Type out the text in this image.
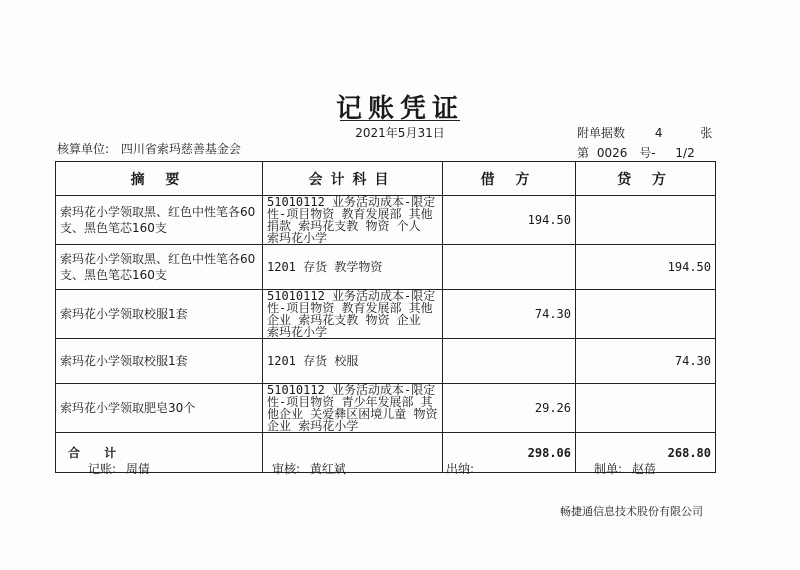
记账凭证
2021年5月31日
核算单位: 四川省索玛慈善基金会
附单据数 4	张
第 0026 号- 1/2
摘 要	会计科目	借 方	贷 方
索玛花小学领取黑、红色中性笔各60支、黑色笔芯160支	51010112 业务活动成本-限定性-项目物资 教育发展部 其他捐款 索玛花支教 物资 个人 索玛花小学	194.50	
索玛花小学领取黑、红色中性笔各60支、黑色笔芯160支	1201 存货 教学物资		194.50
索玛花小学领取校服1套	51010112 业务活动成本-限定性-项目物资 教育发展部 其他企业 索玛花支教 物资 企业 索玛花小学	74.30	
索玛花小学领取校服1套	1201 存货 校服		74.30
索玛花小学领取肥皂30个	51010112 业务活动成本-限定性-项目物资 青少年发展部 其他企业 关爱彝区困境儿童 物资 企业 索玛花小学	29.26	
合 计		298.06	268.80
记账: 周倩	审核: 黄红斌	出纳:	制单: 赵蓓
畅捷通信息技术股份有限公司
